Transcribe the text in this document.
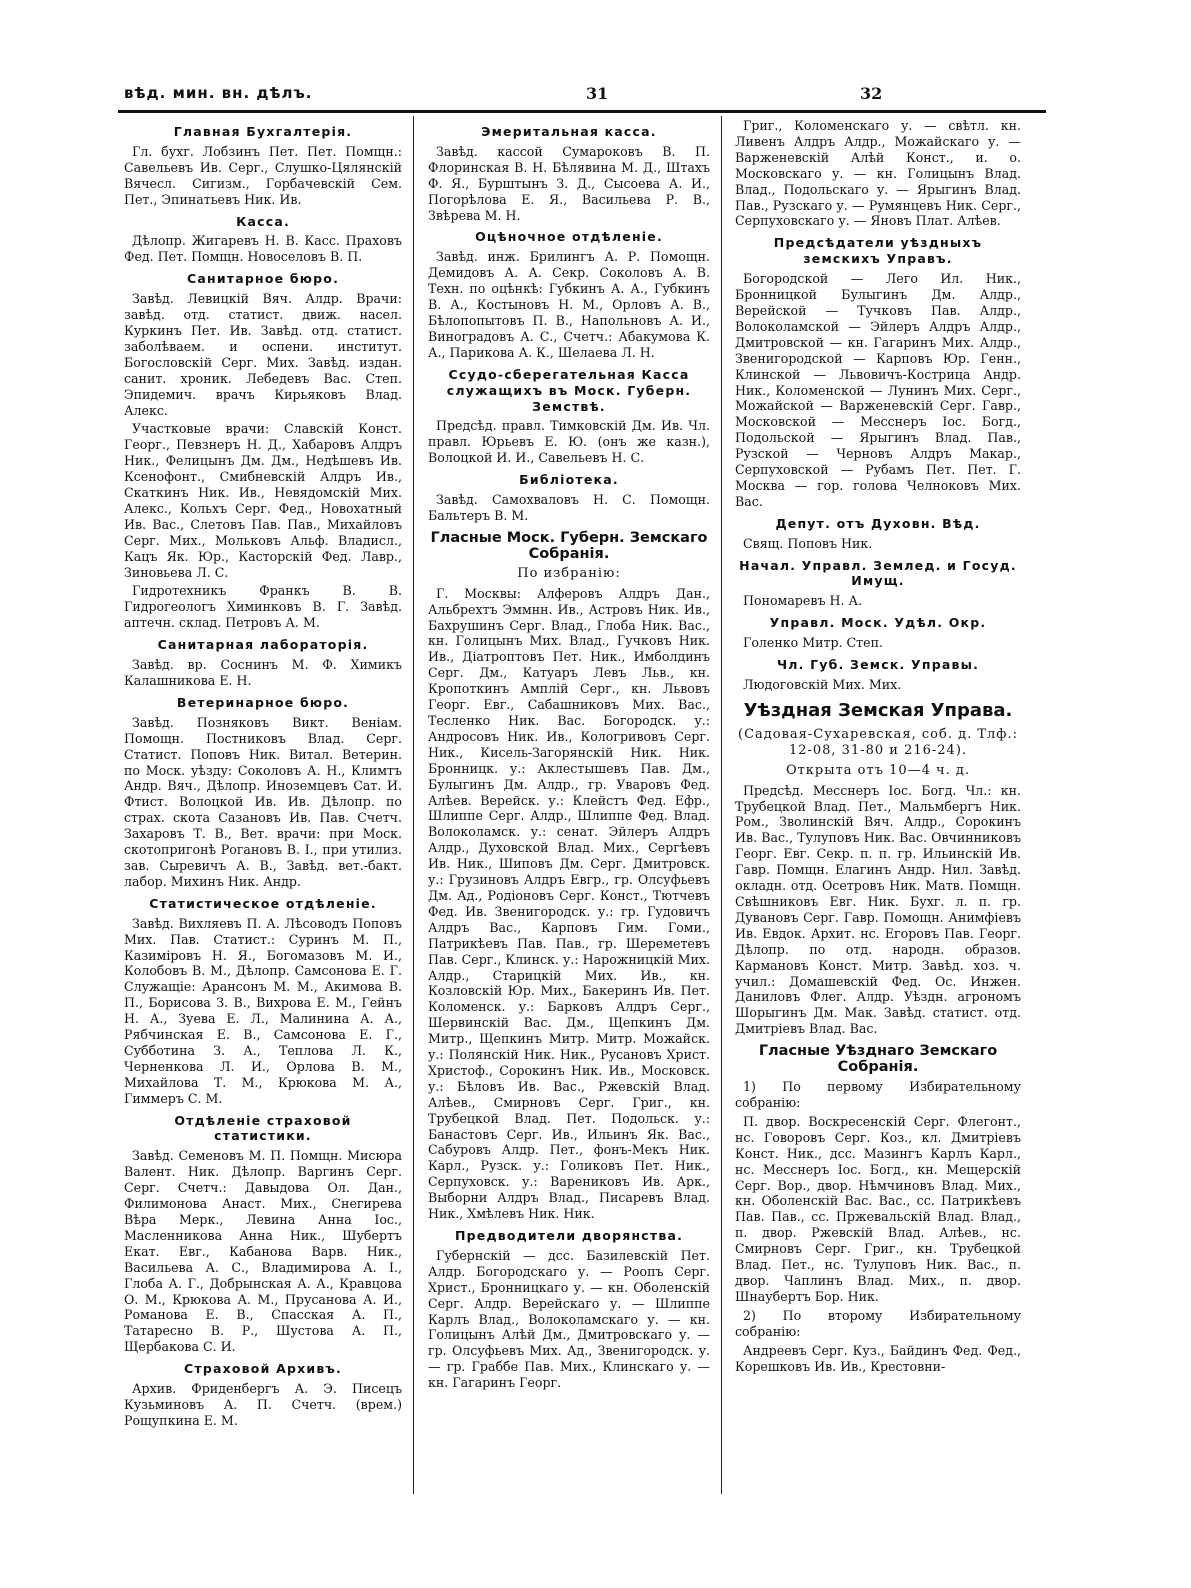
вѣд. мин. вн. дѣлъ.	31	32
Главная Бухгалтерія.
Гл. бухг. Лобзинъ Пет. Пет. Помщн.: Савельевъ Ив. Серг., Слушко-Цялянскій Вячесл. Сигизм., Горбачевскій Сем. Пет., Эпинатьевъ Ник. Ив.
Касса.
Дѣлопр. Жигаревъ Н. В. Касс. Праховъ Фед. Пет. Помщн. Новоселовъ В. П.
Санитарное бюро.
Завѣд. Левицкій Вяч. Алдр. Врачи: завѣд. отд. статист. движ. насел. Куркинъ Пет. Ив. Завѣд. отд. статист. заболѣваем. и оспени. институт. Богословскій Серг. Мих. Завѣд. издан. санит. хроник. Лебедевъ Вас. Степ. Эпидемич. врачъ Кирьяковъ Влад. Алекс.
Участковые врачи: Славскій Конст. Георг., Певзнеръ Н. Д., Хабаровъ Алдръ Ник., Фелицынъ Дм. Дм., Недѣшевъ Ив. Ксенофонт., Смибневскій Алдръ Ив., Скаткинъ Ник. Ив., Невядомскій Мих. Алекс., Кольхъ Серг. Фед., Новохатный Ив. Вас., Слетовъ Пав. Пав., Михайловъ Серг. Мих., Мольковъ Альф. Владисл., Кацъ Як. Юр., Касторскій Фед. Лавр., Зиновьева Л. С.
Гидротехникъ Франкъ В. В. Гидрогеологъ Химинковъ В. Г. Завѣд. аптечн. склад. Петровъ А. М.
Санитарная лабораторія.
Завѣд. вр. Соснинъ М. Ф. Химикъ Калашникова Е. Н.
Ветеринарное бюро.
Завѣд. Позняковъ Викт. Веніам. Помощн. Постниковъ Влад. Серг. Статист. Поповъ Ник. Витал. Ветерин. по Моск. уѣзду: Соколовъ А. Н., Климтъ Андр. Вяч., Дѣлопр. Иноземцевъ Сат. И. Фтист. Волоцкой Ив. Ив. Дѣлопр. по страх. скота Сазановъ Ив. Пав. Счетч. Захаровъ Т. В., Вет. врачи: при Моск. скотопригонѣ Рогановъ В. I., при утилиз. зав. Сыревичъ А. В., Завѣд. вет.-бакт. лабор. Михинъ Ник. Андр.
Статистическое отдѣленіе.
Завѣд. Вихляевъ П. А. Лѣсоводъ Поповъ Мих. Пав. Статист.: Суринъ М. П., Казиміровъ Н. Я., Богомазовъ М. И., Колобовъ В. М., Дѣлопр. Самсонова Е. Г. Служащіе: Арансонъ М. М., Акимова В. П., Борисова З. В., Вихрова Е. М., Гейнъ Н. А., Зуева Е. Л., Малинина А. А., Рябчинская Е. В., Самсонова Е. Г., Субботина З. А., Теплова Л. К., Черненкова Л. И., Орлова В. М., Михайлова Т. М., Крюкова М. А., Гиммеръ С. М.
Отдѣленіе страховой статистики.
Завѣд. Семеновъ М. П. Помщн. Мисюра Валент. Ник. Дѣлопр. Варгинъ Серг. Серг. Счетч.: Давыдова Ол. Дан., Филимонова Анаст. Мих., Снегирева Вѣра Мерк., Левина Анна Іос., Масленникова Анна Ник., Шубертъ Екат. Евг., Кабанова Варв. Ник., Васильева А. С., Владимирова А. І., Глоба А. Г., Добрынская А. А., Кравцова О. М., Крюкова А. М., Прусанова А. И., Романова Е. В., Спасская А. П., Татаресно В. Р., Шустова А. П., Щербакова С. И.
Страховой Архивъ.
Архив. Фриденбергъ А. Э. Писецъ Кузьминовъ А. П. Счетч. (врем.) Рощупкина Е. М.
Эмеритальная касса.
Завѣд. кассой Сумароковъ В. П. Флоринская В. Н. Бѣлявина М. Д., Штахъ Ф. Я., Бурштынъ З. Д., Сысоева А. И., Погорѣлова Е. Я., Васильева Р. В., Звѣрева М. Н.
Оцѣночное отдѣленіе.
Завѣд. инж. Брилингъ А. Р. Помощн. Демидовъ А. А. Секр. Соколовъ А. В. Техн. по оцѣнкѣ: Губкинъ А. А., Губкинъ В. А., Костыновъ Н. М., Орловъ А. В., Бѣлопопытовъ П. В., Напольновъ А. И., Виноградовъ А. С., Счетч.: Абакумова К. А., Парикова А. К., Шелаева Л. Н.
Ссудо-сберегательная Касса служащихъ въ Моск. Губерн. Земствѣ.
Предсѣд. правл. Тимковскій Дм. Ив. Чл. правл. Юрьевъ Е. Ю. (онъ же казн.), Волоцкой И. И., Савельевъ Н. С.
Библіотека.
Завѣд. Самохваловъ Н. С. Помощн. Бальтеръ В. М.
Гласные Моск. Губерн. Земскаго Собранія.
По избранію:
Г. Москвы: Алферовъ Алдръ Дан., Альбрехтъ Эммнн. Ив., Астровъ Ник. Ив., Бахрушинъ Серг. Влад., Глоба Ник. Вас., кн. Голицынъ Мих. Влад., Гучковъ Ник. Ив., Діатроптовъ Пет. Ник., Имболдинъ Серг. Дм., Катуаръ Левъ Льв., кн. Кропоткинъ Амплій Серг., кн. Львовъ Георг. Евг., Сабашниковъ Мих. Вас., Тесленко Ник. Вас. Богородск. у.: Андросовъ Ник. Ив., Кологривовъ Серг. Ник., Кисель-Загорянскій Ник. Ник. Бронницк. у.: Аклестышевъ Пав. Дм., Булыгинъ Дм. Алдр., гр. Уваровъ Фед. Алѣев. Верейск. у.: Клейстъ Фед. Ефр., Шлиппе Серг. Алдр., Шлиппе Фед. Влад. Волоколамск. у.: сенат. Эйлеръ Алдръ Алдр., Духовской Влад. Мих., Сергѣевъ Ив. Ник., Шиповъ Дм. Серг. Дмитровск. у.: Грузиновъ Алдръ Евгр., гр. Олсуфьевъ Дм. Ад., Родіоновъ Серг. Конст., Тютчевъ Фед. Ив. Звенигородск. у.: гр. Гудовичъ Алдръ Вас., Карповъ Гим. Гоми., Патрикѣевъ Пав. Пав., гр. Шереметевъ Пав. Серг., Клинск. у.: Нарожницкій Мих. Алдр., Старицкій Мих. Ив., кн. Козловскій Юр. Мих., Бакеринъ Ив. Пет. Коломенск. у.: Барковъ Алдръ Серг., Шервинскій Вас. Дм., Щепкинъ Дм. Митр., Щепкинъ Митр. Митр. Можайск. у.: Полянскій Ник. Ник., Русановъ Христ. Христоф., Сорокинъ Ник. Ив., Московск. у.: Бѣловъ Ив. Вас., Ржевскій Влад. Алѣев., Смирновъ Серг. Григ., кн. Трубецкой Влад. Пет. Подольск. у.: Банастовъ Серг. Ив., Ильинъ Як. Вас., Сабуровъ Алдр. Пет., фонъ-Мекъ Ник. Карл., Рузск. у.: Голиковъ Пет. Ник., Серпуховск. у.: Варениковъ Ив. Арк., Выборни Алдръ Влад., Писаревъ Влад. Ник., Хмѣлевъ Ник. Ник.
Предводители дворянства.
Губернскій — дсс. Базилевскій Пет. Алдр. Богородскаго у. — Роопъ Серг. Христ., Бронницкаго у. — кн. Оболенскій Серг. Алдр. Верейскаго у. — Шлиппе Карлъ Влад., Волоколамскаго у. — кн. Голицынъ Алѣй Дм., Дмитровскаго у. — гр. Олсуфьевъ Мих. Ад., Звенигородск. у. — гр. Граббе Пав. Мих., Клинскаго у. — кн. Гагаринъ Георг.
Григ., Коломенскаго у. — свѣтл. кн. Ливенъ Алдръ Алдр., Можайскаго у. — Варженевскій Алѣй Конст., и. о. Московскаго у. — кн. Голицынъ Влад. Влад., Подольскаго у. — Ярыгинъ Влад. Пав., Рузскаго у. — Румянцевъ Ник. Серг., Серпуховскаго у. — Яновъ Плат. Алѣев.
Предсѣдатели уѣздныхъ земскихъ Управъ.
Богородской — Лего Ил. Ник., Бронницкой Булыгинъ Дм. Алдр., Верейской — Тучковъ Пав. Алдр., Волоколамской — Эйлеръ Алдръ Алдр., Дмитровской — кн. Гагаринъ Мих. Алдр., Звенигородской — Карповъ Юр. Генн., Клинской — Львовичъ-Кострица Андр. Ник., Коломенской — Лунинъ Мих. Серг., Можайской — Варженевскій Серг. Гавр., Московской — Месснеръ Іос. Богд., Подольской — Ярыгинъ Влад. Пав., Рузской — Черновъ Алдръ Макар., Серпуховской — Рубамъ Пет. Пет. Г. Москва — гор. голова Челноковъ Мих. Вас.
Депут. отъ Духовн. Вѣд.
Свящ. Поповъ Ник.
Начал. Управл. Землед. и Госуд. Имущ.
Пономаревъ Н. А.
Управл. Моск. Удѣл. Окр.
Голенко Митр. Степ.
Чл. Губ. Земск. Управы.
Людоговскій Мих. Мих.
Уѣздная Земская Управа.
(Садовая-Сухаревская, соб. д. Тлф.: 12-08, 31-80 и 216-24).
Открыта отъ 10—4 ч. д.
Предсѣд. Месснеръ Іос. Богд. Чл.: кн. Трубецкой Влад. Пет., Мальмбергъ Ник. Ром., Зволинскій Вяч. Алдр., Сорокинъ Ив. Вас., Тулуповъ Ник. Вас. Овчинниковъ Георг. Евг. Секр. п. п. гр. Ильинскій Ив. Гавр. Помщн. Елагинъ Андр. Нил. Завѣд. окладн. отд. Осетровъ Ник. Матв. Помщн. Свѣшниковъ Евг. Ник. Бухг. л. п. гр. Дувановъ Серг. Гавр. Помощн. Анимфіевъ Ив. Евдок. Архит. нс. Егоровъ Пав. Георг. Дѣлопр. по отд. народн. образов. Кармановъ Конст. Митр. Завѣд. хоз. ч. учил.: Домашевскій Фед. Ос. Инжен. Даниловъ Флег. Алдр. Уѣздн. агрономъ Шорыгинъ Дм. Мак. Завѣд. статист. отд. Дмитріевъ Влад. Вас.
Гласные Уѣзднаго Земскаго Собранія.
1) По первому Избирательному собранію:
П. двор. Воскресенскій Серг. Флегонт., нс. Говоровъ Серг. Коз., кл. Дмитріевъ Конст. Ник., дсс. Мазингъ Карлъ Карл., нс. Месснеръ Іос. Богд., кн. Мещерскій Серг. Вор., двор. Нѣмчиновъ Влад. Мих., кн. Оболенскій Вас. Вас., сс. Патрикѣевъ Пав. Пав., сс. Пржевальскій Влад. Влад., п. двор. Ржевскій Влад. Алѣев., нс. Смирновъ Серг. Григ., кн. Трубецкой Влад. Пет., нс. Тулуповъ Ник. Вас., п. двор. Чаплинъ Влад. Мих., п. двор. Шнаубертъ Бор. Ник.
2) По второму Избирательному собранію:
Андреевъ Серг. Куз., Байдинъ Фед. Фед., Корешковъ Ив. Ив., Крестовни-
